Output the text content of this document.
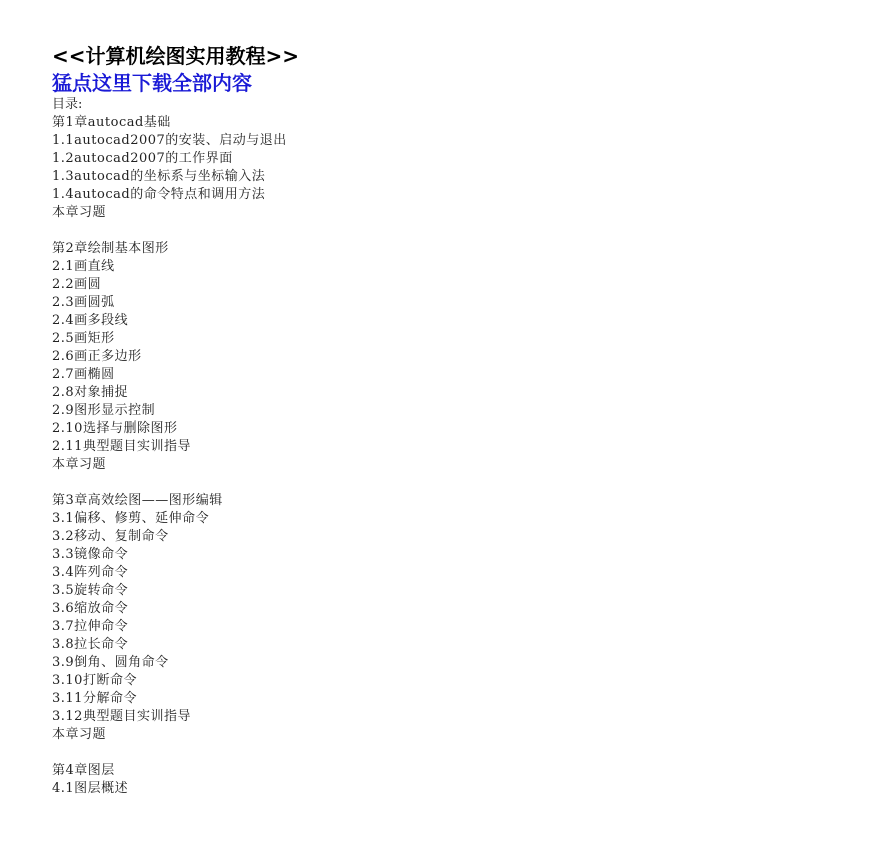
<<计算机绘图实用教程>>
猛点这里下载全部内容
目录:
第1章autocad基础
1.1autocad2007的安装、启动与退出
1.2autocad2007的工作界面
1.3autocad的坐标系与坐标输入法
1.4autocad的命令特点和调用方法
本章习题
第2章绘制基本图形
2.1画直线
2.2画圆
2.3画圆弧
2.4画多段线
2.5画矩形
2.6画正多边形
2.7画椭圆
2.8对象捕捉
2.9图形显示控制
2.10选择与删除图形
2.11典型题目实训指导
本章习题
第3章高效绘图——图形编辑
3.1偏移、修剪、延伸命令
3.2移动、复制命令
3.3镜像命令
3.4阵列命令
3.5旋转命令
3.6缩放命令
3.7拉伸命令
3.8拉长命令
3.9倒角、圆角命令
3.10打断命令
3.11分解命令
3.12典型题目实训指导
本章习题
第4章图层
4.1图层概述
